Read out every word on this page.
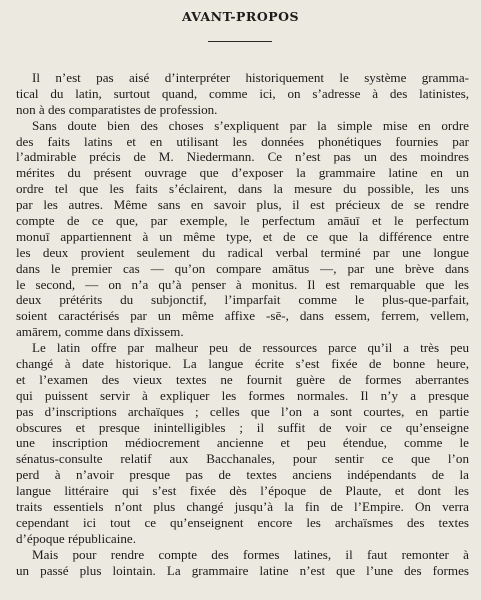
AVANT-PROPOS
Il n’est pas aisé d’interpréter historiquement le système gramma-
tical du latin, surtout quand, comme ici, on s’adresse à des latinistes,
non à des comparatistes de profession.
Sans doute bien des choses s’expliquent par la simple mise en ordre
des faits latins et en utilisant les données phonétiques fournies par
l’admirable précis de M. Niedermann. Ce n’est pas un des moindres
mérites du présent ouvrage que d’exposer la grammaire latine en un
ordre tel que les faits s’éclairent, dans la mesure du possible, les uns
par les autres. Même sans en savoir plus, il est précieux de se rendre
compte de ce que, par exemple, le perfectum amāuī et le perfectum
monuī appartiennent à un même type, et de ce que la différence entre
les deux provient seulement du radical verbal terminé par une longue
dans le premier cas — qu’on compare amātus —, par une brève dans
le second, — on n’a qu’à penser à monitus. Il est remarquable que les
deux prétérits du subjonctif, l’imparfait comme le plus-que-parfait,
soient caractérisés par un même affixe -sē-, dans essem, ferrem, vellem,
amārem, comme dans dīxissem.
Le latin offre par malheur peu de ressources parce qu’il a très peu
changé à date historique. La langue écrite s’est fixée de bonne heure,
et l’examen des vieux textes ne fournit guère de formes aberrantes
qui puissent servir à expliquer les formes normales. Il n’y a presque
pas d’inscriptions archaïques ; celles que l’on a sont courtes, en partie
obscures et presque inintelligibles ; il suffit de voir ce qu’enseigne
une inscription médiocrement ancienne et peu étendue, comme le
sénatus-consulte relatif aux Bacchanales, pour sentir ce que l’on
perd à n’avoir presque pas de textes anciens indépendants de la
langue littéraire qui s’est fixée dès l’époque de Plaute, et dont les
traits essentiels n’ont plus changé jusqu’à la fin de l’Empire. On verra
cependant ici tout ce qu’enseignent encore les archaïsmes des textes
d’époque républicaine.
Mais pour rendre compte des formes latines, il faut remonter à
un passé plus lointain. La grammaire latine n’est que l’une des formes
